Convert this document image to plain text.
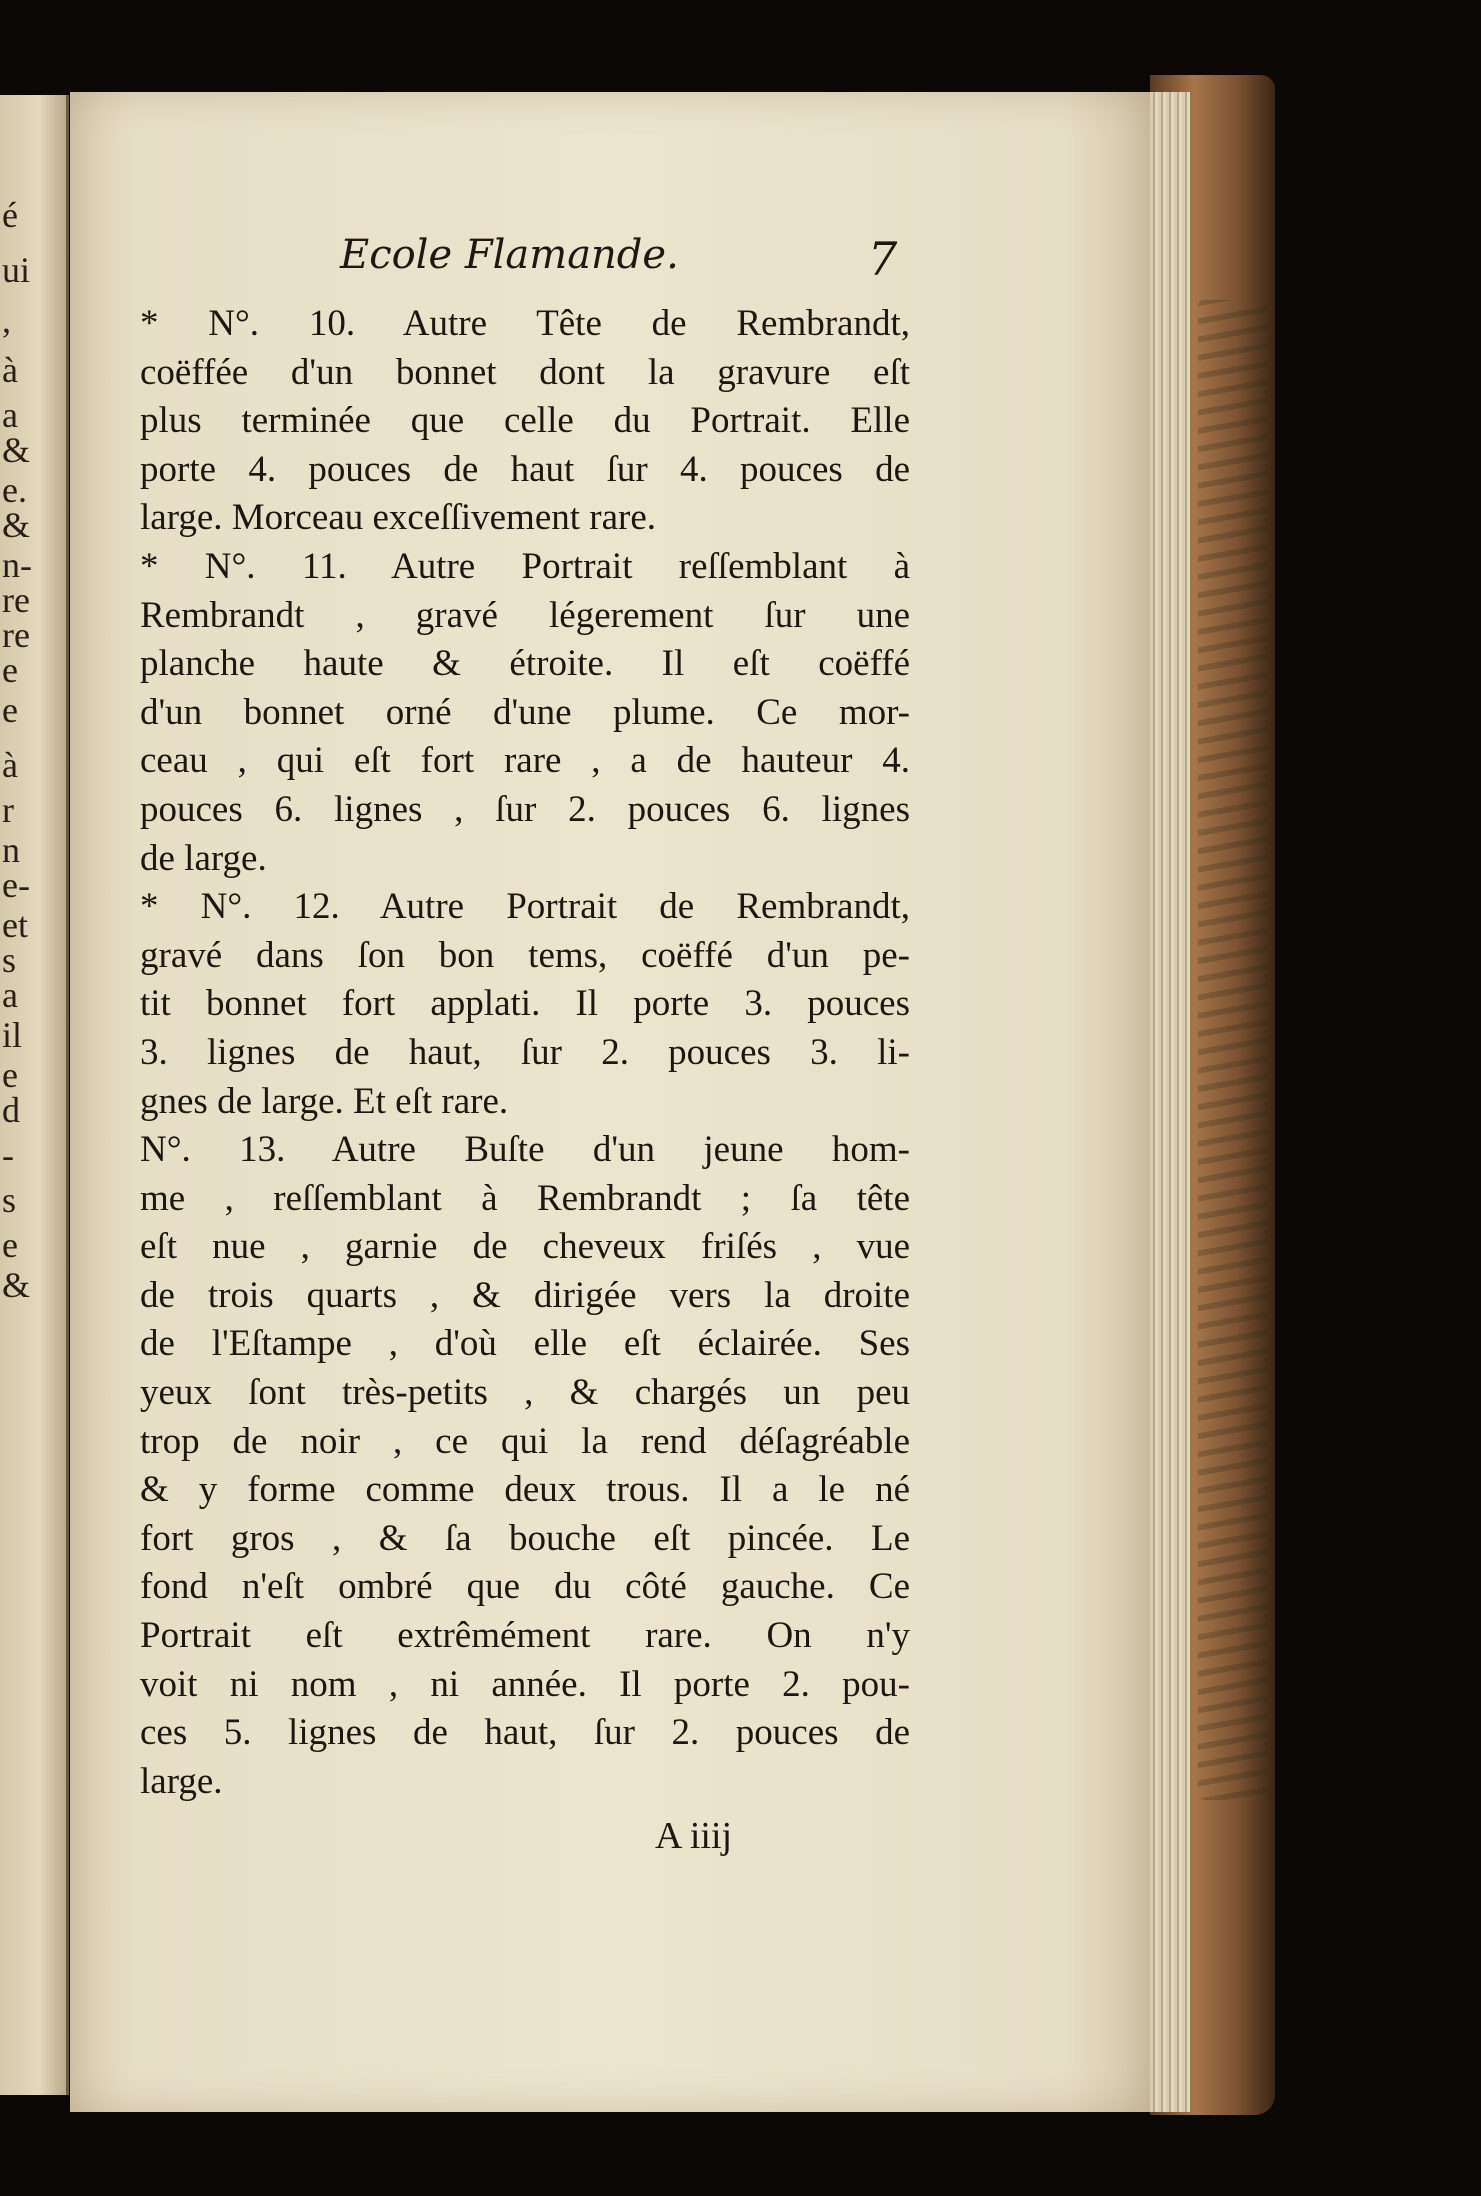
é
ui
,
à
a
&
e.
&
n-
re
re
e
e
à
r
n
e-
et
s
a
il
e
d
-
s
e
&
Ecole Flamande.	7
* N°. 10. Autre Tête de Rembrandt,
coëffée d'un bonnet dont la gravure eſt
plus terminée que celle du Portrait. Elle
porte 4. pouces de haut ſur 4. pouces de
large. Morceau exceſſivement rare.
* N°. 11. Autre Portrait reſſemblant à
Rembrandt , gravé légerement ſur une
planche haute & étroite. Il eſt coëffé
d'un bonnet orné d'une plume. Ce mor-
ceau , qui eſt fort rare , a de hauteur 4.
pouces 6. lignes , ſur 2. pouces 6. lignes
de large.
* N°. 12. Autre Portrait de Rembrandt,
gravé dans ſon bon tems, coëffé d'un pe-
tit bonnet fort applati. Il porte 3. pouces
3. lignes de haut, ſur 2. pouces 3. li-
gnes de large. Et eſt rare.
N°. 13. Autre Buſte d'un jeune hom-
me , reſſemblant à Rembrandt ; ſa tête
eſt nue , garnie de cheveux friſés , vue
de trois quarts , & dirigée vers la droite
de l'Eſtampe , d'où elle eſt éclairée. Ses
yeux ſont très-petits , & chargés un peu
trop de noir , ce qui la rend déſagréable
& y forme comme deux trous. Il a le né
fort gros , & ſa bouche eſt pincée. Le
fond n'eſt ombré que du côté gauche. Ce
Portrait eſt extrêmément rare. On n'y
voit ni nom , ni année. Il porte 2. pou-
ces 5. lignes de haut, ſur 2. pouces de
large.
A iiij
